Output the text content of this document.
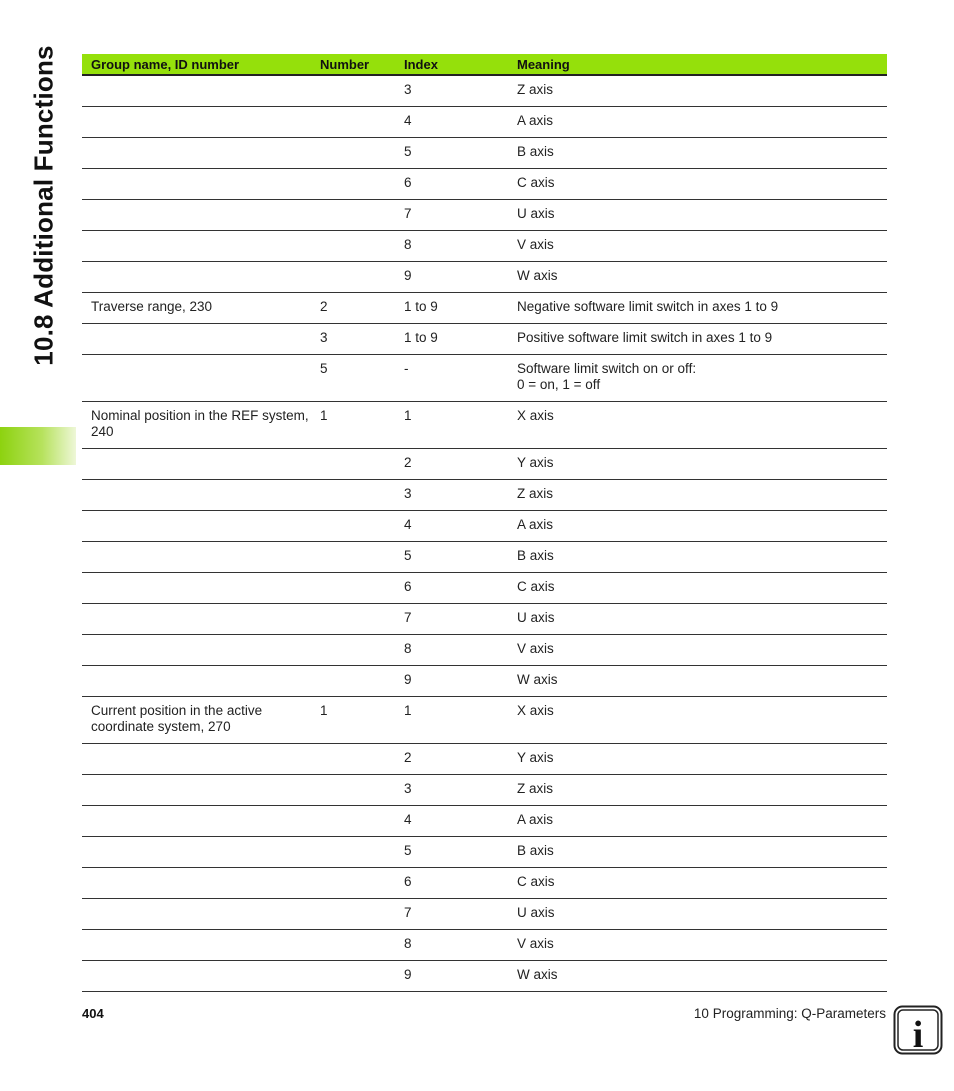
10.8 Additional Functions Group name, ID number	Number	Index	Meaning
		3	Z axis
		4	A axis
		5	B axis
		6	C axis
		7	U axis
		8	V axis
		9	W axis
Traverse range, 230	2	1 to 9	Negative software limit switch in axes 1 to 9
	3	1 to 9	Positive software limit switch in axes 1 to 9
	5	-	Software limit switch on or off:
0 = on, 1 = off
Nominal position in the REF system, 240	1	1	X axis
		2	Y axis
		3	Z axis
		4	A axis
		5	B axis
		6	C axis
		7	U axis
		8	V axis
		9	W axis
Current position in the active coordinate system, 270	1	1	X axis
		2	Y axis
		3	Z axis
		4	A axis
		5	B axis
		6	C axis
		7	U axis
		8	V axis
		9	W axis
404	10 Programming: Q-Parameters
i
